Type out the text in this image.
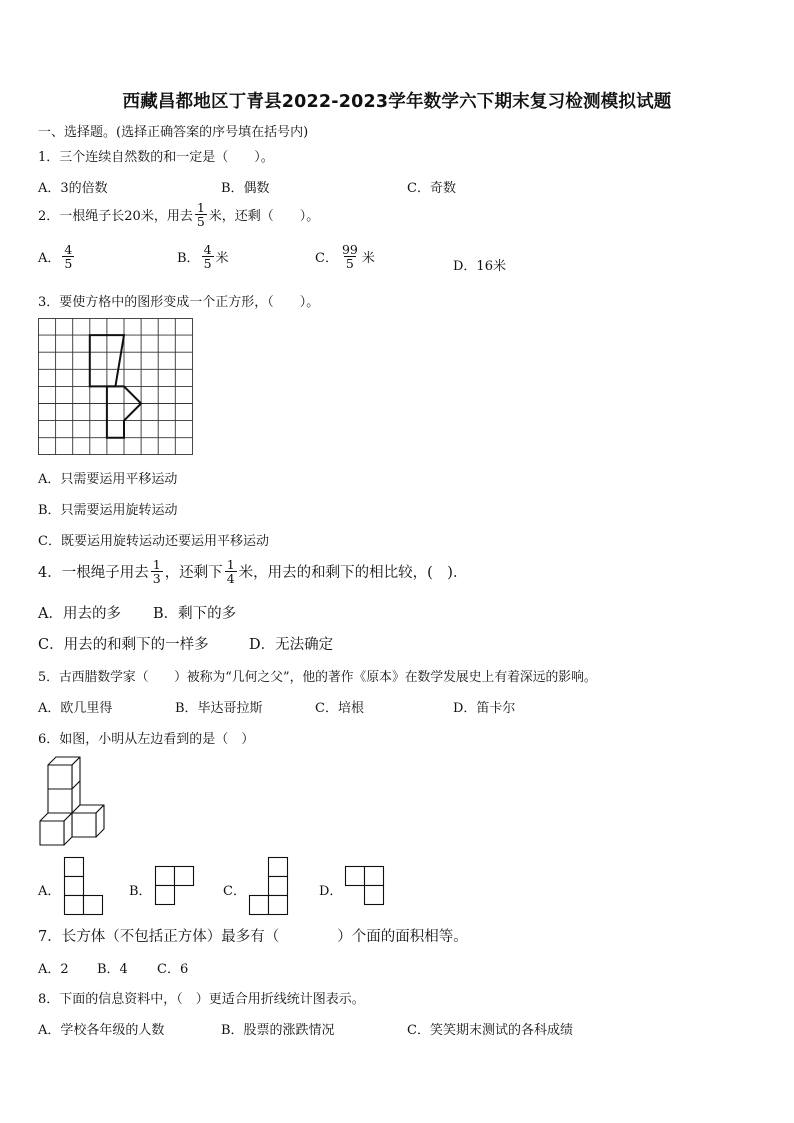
西藏昌都地区丁青县2022-2023学年数学六下期末复习检测模拟试题
一、选择题。(选择正确答案的序号填在括号内)
1．三个连续自然数的和一定是（　　）。
A．3的倍数	B．偶数	C．奇数
2．一根绳子长20米，用去 $\frac{1}{5}$ 米，还剩（　　）。
A． $\frac{4}{5}$	B． $\frac{4}{5}$ 米	C． $\frac{99}{5}$ 米
D．16米
3．要使方格中的图形变成一个正方形，（　　）。
A．只需要运用平移运动
B．只需要运用旋转运动
C．既要运用旋转运动还要运用平移运动
4．一根绳子用去 $\frac{1}{3}$ ，还剩下 $\frac{1}{4}$ 米，用去的和剩下的相比较，(　)．
A．用去的多 B．剩下的多
C．用去的和剩下的一样多	D．无法确定
5．古西腊数学家（　　）被称为“几何之父”，他的著作《原本》在数学发展史上有着深远的影响。
A．欧几里得	B．毕达哥拉斯	C．培根	D．笛卡尔
6．如图，小明从左边看到的是（　）
A．	B．	C．	D．
7．长方体（不包括正方体）最多有（　　　　）个面的面积相等。
A．2 B．4 C．6
8．下面的信息资料中，（　）更适合用折线统计图表示。
A．学校各年级的人数	B．股票的涨跌情况	C．笑笑期末测试的各科成绩
